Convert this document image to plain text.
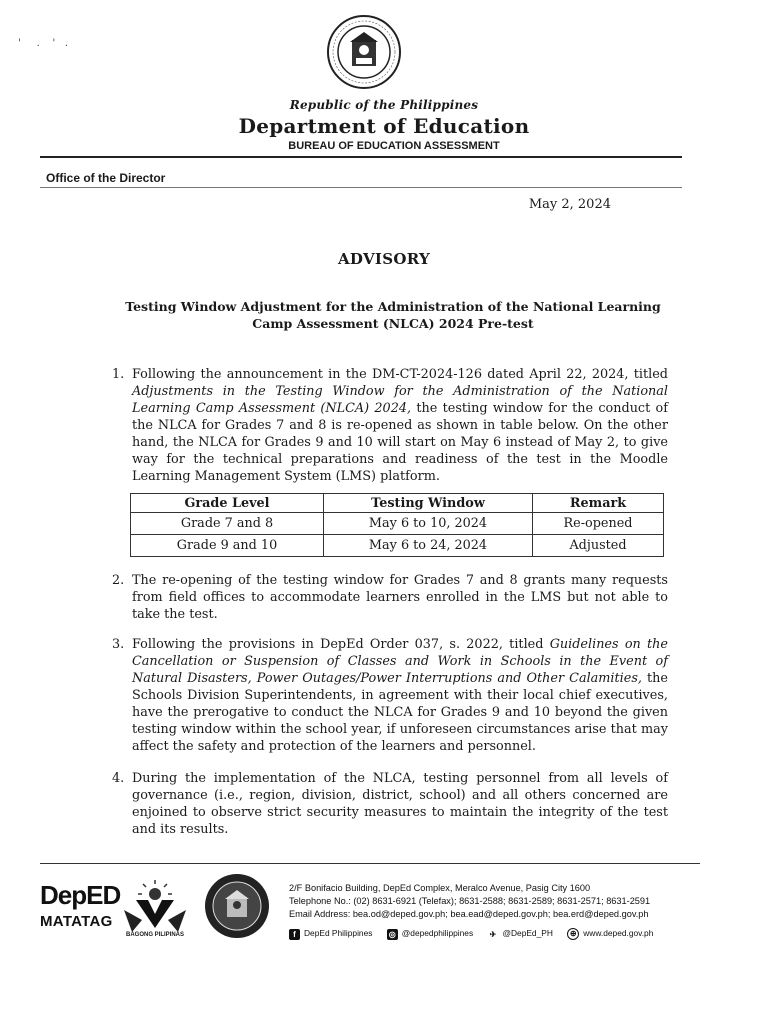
'     .    '   .
Republic of the Philippines
Department of Education
BUREAU OF EDUCATION ASSESSMENT
Office of the Director
May 2, 2024
ADVISORY
Testing Window Adjustment for the Administration of the National Learning
Camp Assessment (NLCA) 2024 Pre-test
1. Following the announcement in the DM-CT-2024-126 dated April 22, 2024, titled Adjustments in the Testing Window for the Administration of the National Learning Camp Assessment (NLCA) 2024, the testing window for the conduct of the NLCA for Grades 7 and 8 is re-opened as shown in table below. On the other hand, the NLCA for Grades 9 and 10 will start on May 6 instead of May 2, to give way for the technical preparations and readiness of the test in the Moodle Learning Management System (LMS) platform.
Grade Level	Testing Window	Remark
Grade 7 and 8	May 6 to 10, 2024	Re-opened
Grade 9 and 10	May 6 to 24, 2024	Adjusted
2. The re-opening of the testing window for Grades 7 and 8 grants many requests from field offices to accommodate learners enrolled in the LMS but not able to take the test.
3. Following the provisions in DepEd Order 037, s. 2022, titled Guidelines on the Cancellation or Suspension of Classes and Work in Schools in the Event of Natural Disasters, Power Outages/Power Interruptions and Other Calamities, the Schools Division Superintendents, in agreement with their local chief executives, have the prerogative to conduct the NLCA for Grades 9 and 10 beyond the given testing window within the school year, if unforeseen circumstances arise that may affect the safety and protection of the learners and personnel.
4. During the implementation of the NLCA, testing personnel from all levels of governance (i.e., region, division, district, school) and all others concerned are enjoined to observe strict security measures to maintain the integrity of the test and its results.
DepED
MATATAG
BAGONG PILIPINAS
2/F Bonifacio Building, DepEd Complex, Meralco Avenue, Pasig City 1600
Telephone No.: (02) 8631-6921 (Telefax); 8631-2588; 8631-2589; 8631-2571; 8631-2591
Email Address: bea.od@deped.gov.ph; bea.ead@deped.gov.ph; bea.erd@deped.gov.ph
f DepEd Philippines ◎ @depedphilippines ✈ @DepEd_PH ⊕ www.deped.gov.ph
